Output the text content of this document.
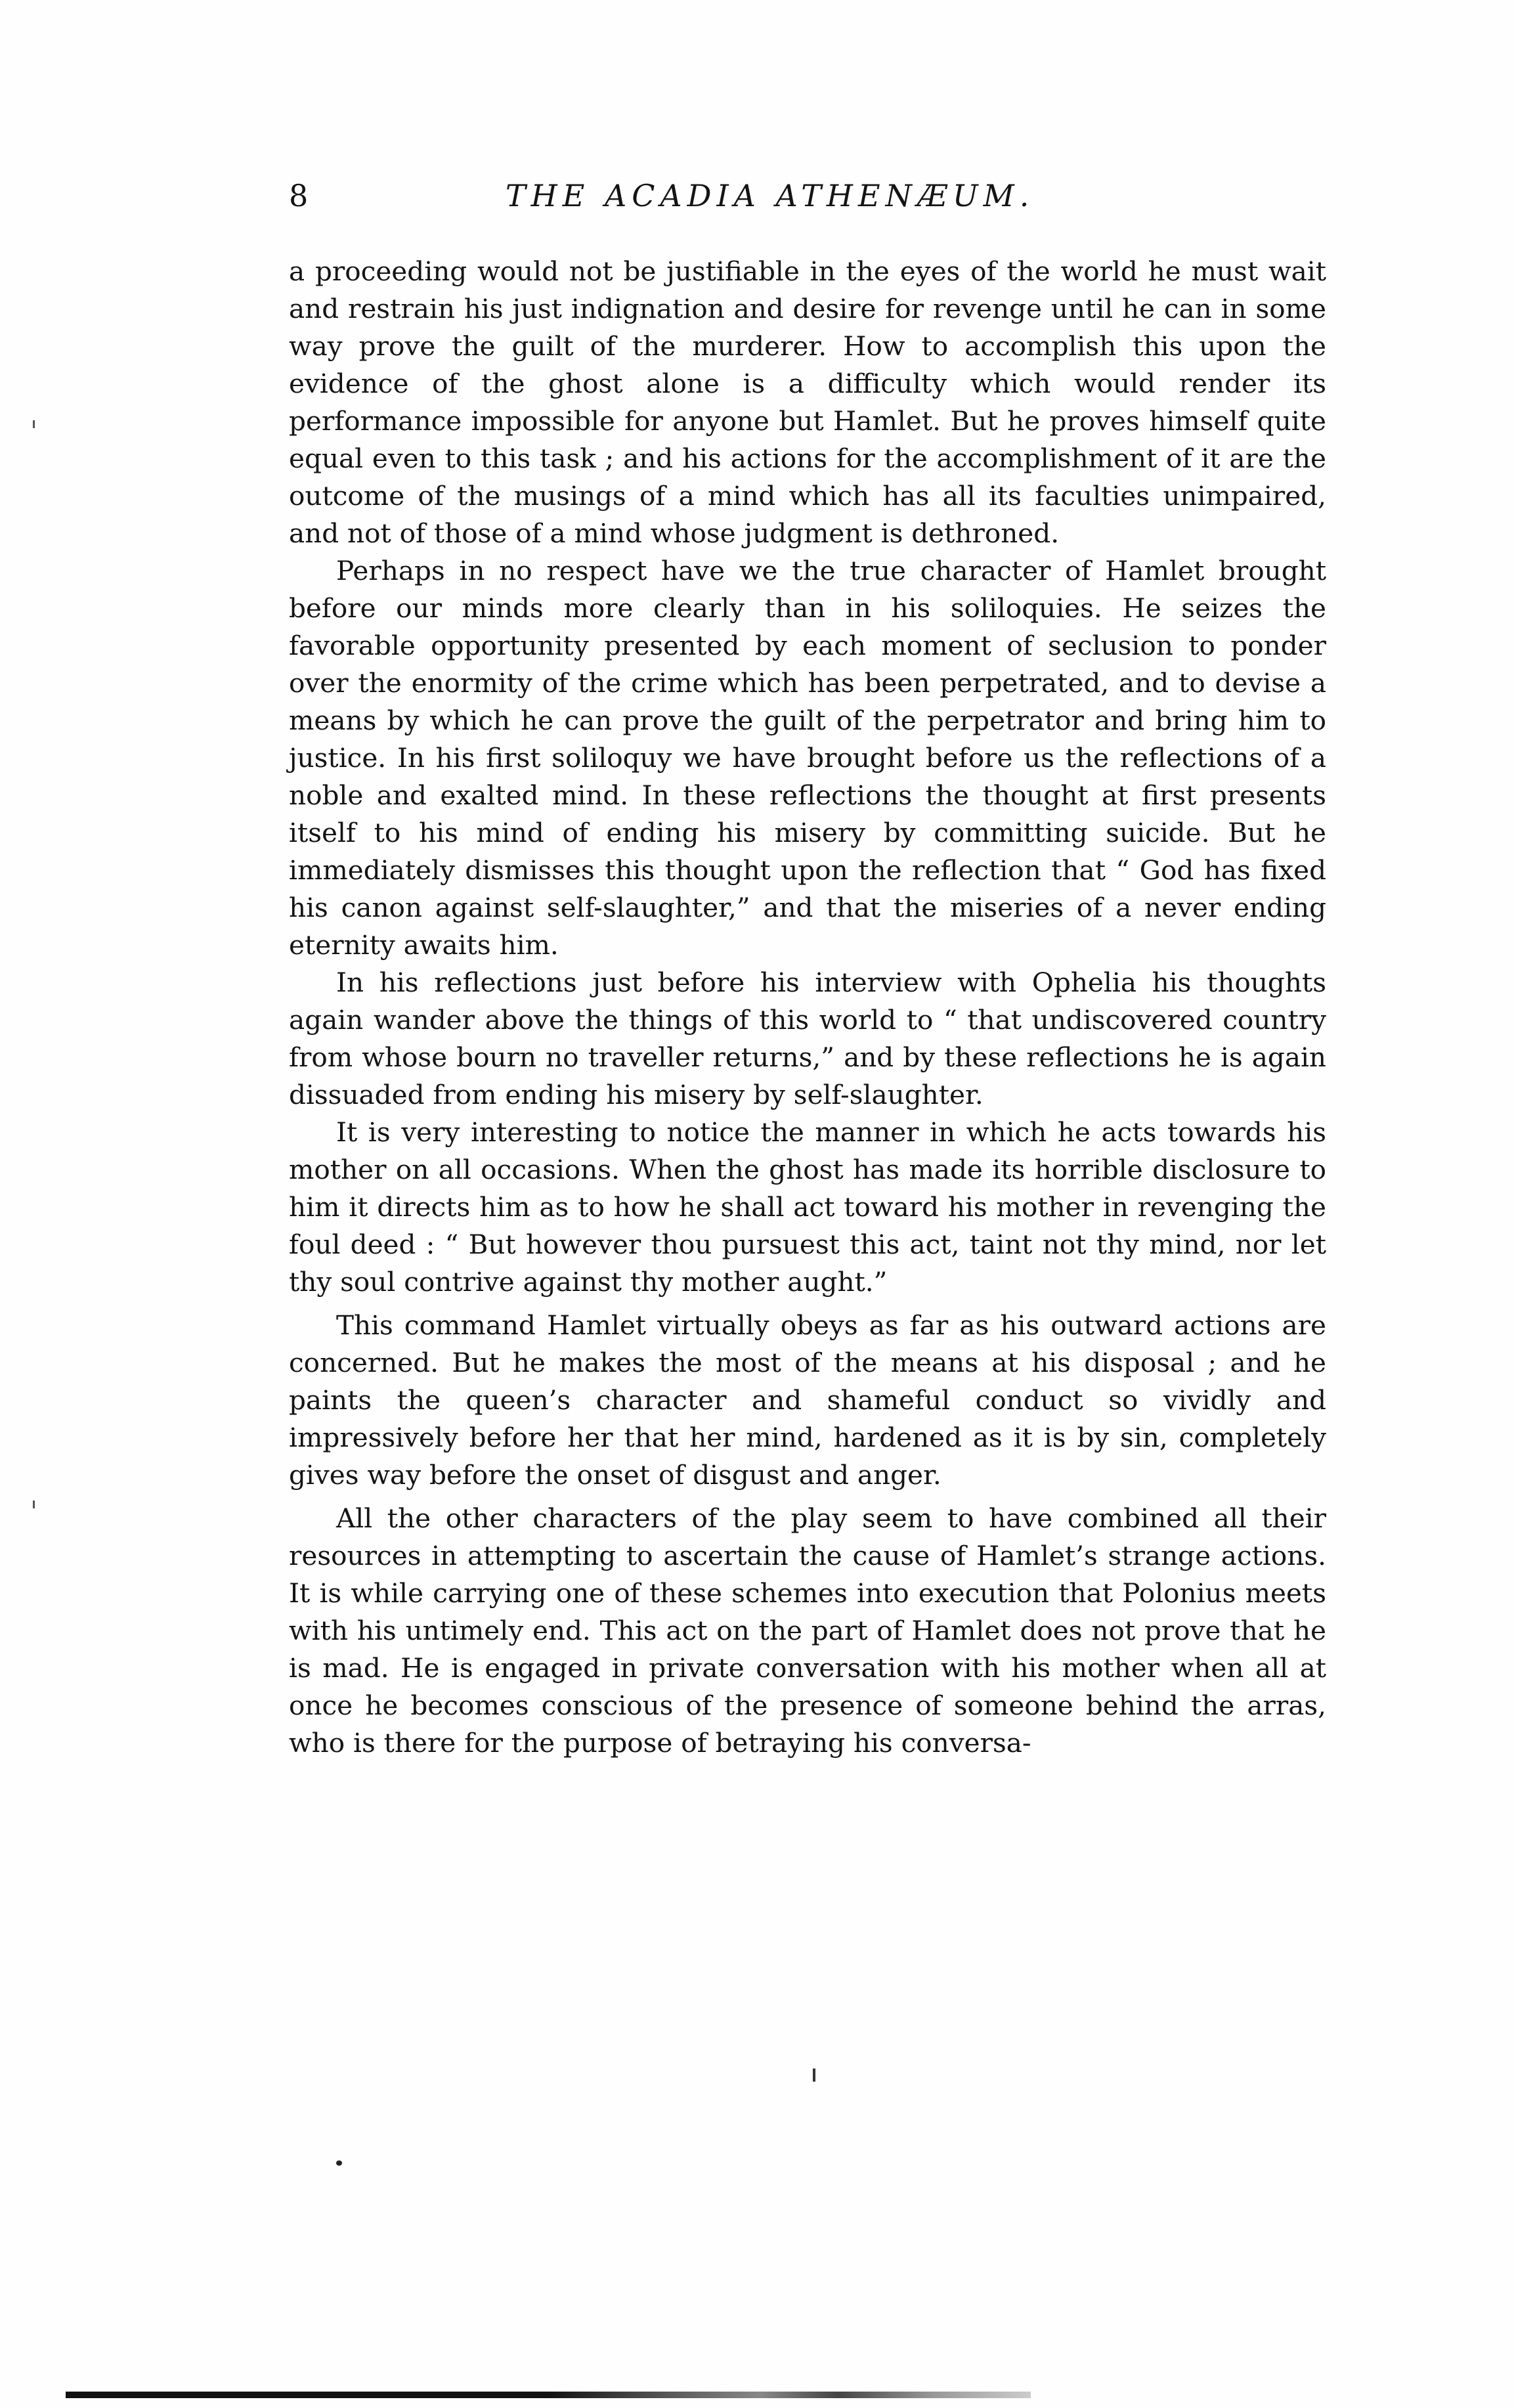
8	THE ACADIA ATHENÆUM.

a proceeding would not be justifiable in the eyes of the world he must wait and restrain his just indignation and desire for revenge until he can in some way prove the guilt of the murderer. How to accomplish this upon the evidence of the ghost alone is a difficulty which would render its performance impossible for anyone but Hamlet. But he proves himself quite equal even to this task ; and his actions for the accomplishment of it are the outcome of the musings of a mind which has all its faculties unimpaired, and not of those of a mind whose judgment is dethroned.

Perhaps in no respect have we the true character of Hamlet brought before our minds more clearly than in his soliloquies. He seizes the favorable opportunity presented by each moment of seclusion to ponder over the enormity of the crime which has been perpetrated, and to devise a means by which he can prove the guilt of the perpetrator and bring him to justice. In his first soliloquy we have brought before us the reflections of a noble and exalted mind. In these reflections the thought at first presents itself to his mind of ending his misery by committing suicide. But he immediately dismisses this thought upon the reflection that “ God has fixed his canon against self-slaughter,” and that the miseries of a never ending eternity awaits him.

In his reflections just before his interview with Ophelia his thoughts again wander above the things of this world to “ that undiscovered country from whose bourn no traveller returns,” and by these reflections he is again dissuaded from ending his misery by self-slaughter.

It is very interesting to notice the manner in which he acts towards his mother on all occasions. When the ghost has made its horrible disclosure to him it directs him as to how he shall act toward his mother in revenging the foul deed : “ But however thou pursuest this act, taint not thy mind, nor let thy soul contrive against thy mother aught.”

This command Hamlet virtually obeys as far as his outward actions are concerned. But he makes the most of the means at his disposal ; and he paints the queen’s character and shameful conduct so vividly and impressively before her that her mind, hardened as it is by sin, completely gives way before the onset of disgust and anger.

All the other characters of the play seem to have combined all their resources in attempting to ascertain the cause of Hamlet’s strange actions. It is while carrying one of these schemes into execution that Polonius meets with his untimely end. This act on the part of Hamlet does not prove that he is mad. He is engaged in private conversation with his mother when all at once he becomes conscious of the presence of someone behind the arras, who is there for the purpose of betraying his conversa-
